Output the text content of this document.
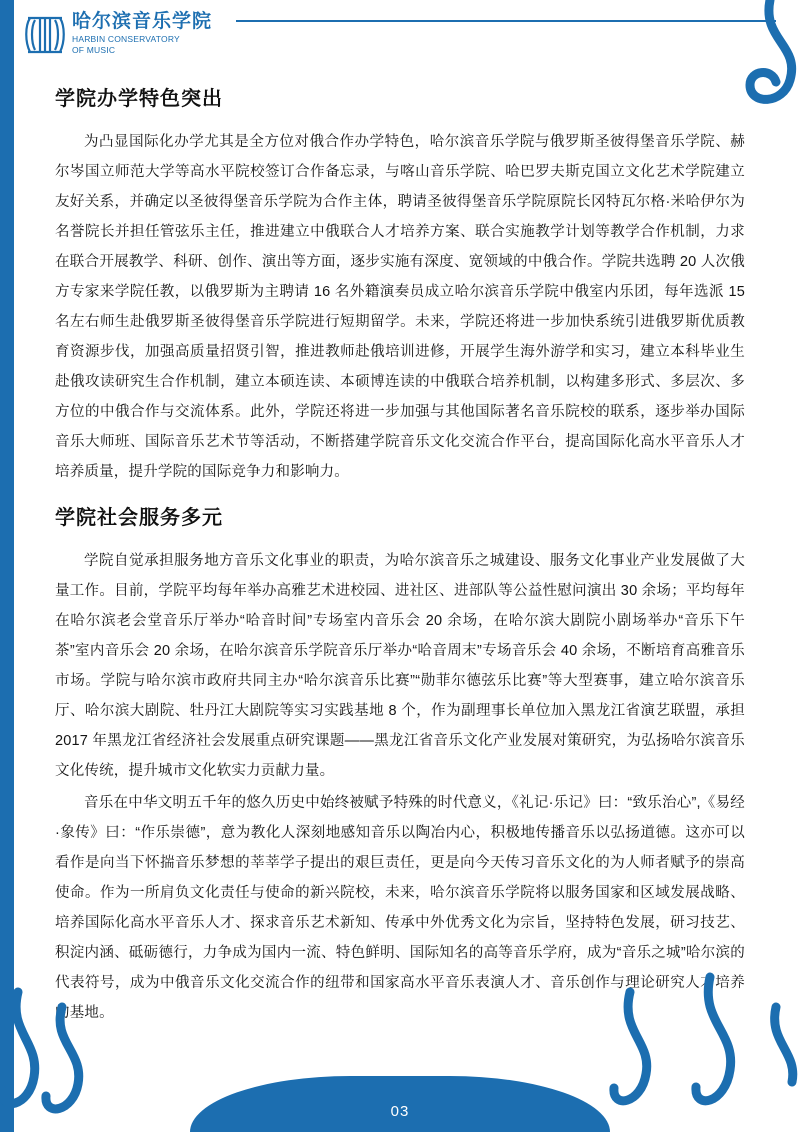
哈尔滨音乐学院
HARBIN CONSERVATORY
OF MUSIC
学院办学特色突出

为凸显国际化办学尤其是全方位对俄合作办学特色，哈尔滨音乐学院与俄罗斯圣彼得堡音乐学院、赫尔岑国立师范大学等高水平院校签订合作备忘录，与喀山音乐学院、哈巴罗夫斯克国立文化艺术学院建立友好关系，并确定以圣彼得堡音乐学院为合作主体，聘请圣彼得堡音乐学院原院长冈特瓦尔格·米哈伊尔为名誉院长并担任管弦乐主任，推进建立中俄联合人才培养方案、联合实施教学计划等教学合作机制，力求在联合开展教学、科研、创作、演出等方面，逐步实施有深度、宽领域的中俄合作。学院共选聘 20 人次俄方专家来学院任教，以俄罗斯为主聘请 16 名外籍演奏员成立哈尔滨音乐学院中俄室内乐团，每年选派 15 名左右师生赴俄罗斯圣彼得堡音乐学院进行短期留学。未来，学院还将进一步加快系统引进俄罗斯优质教育资源步伐，加强高质量招贤引智，推进教师赴俄培训进修，开展学生海外游学和实习，建立本科毕业生赴俄攻读研究生合作机制，建立本硕连读、本硕博连读的中俄联合培养机制，以构建多形式、多层次、多方位的中俄合作与交流体系。此外，学院还将进一步加强与其他国际著名音乐院校的联系，逐步举办国际音乐大师班、国际音乐艺术节等活动，不断搭建学院音乐文化交流合作平台，提高国际化高水平音乐人才培养质量，提升学院的国际竞争力和影响力。

学院社会服务多元

学院自觉承担服务地方音乐文化事业的职责，为哈尔滨音乐之城建设、服务文化事业产业发展做了大量工作。目前，学院平均每年举办高雅艺术进校园、进社区、进部队等公益性慰问演出 30 余场；平均每年在哈尔滨老会堂音乐厅举办“哈音时间”专场室内音乐会 20 余场，在哈尔滨大剧院小剧场举办“音乐下午茶”室内音乐会 20 余场，在哈尔滨音乐学院音乐厅举办“哈音周末”专场音乐会 40 余场，不断培育高雅音乐市场。学院与哈尔滨市政府共同主办“哈尔滨音乐比赛”“勋菲尔德弦乐比赛”等大型赛事，建立哈尔滨音乐厅、哈尔滨大剧院、牡丹江大剧院等实习实践基地 8 个，作为副理事长单位加入黑龙江省演艺联盟，承担 2017 年黑龙江省经济社会发展重点研究课题——黑龙江省音乐文化产业发展对策研究，为弘扬哈尔滨音乐文化传统，提升城市文化软实力贡献力量。

音乐在中华文明五千年的悠久历史中始终被赋予特殊的时代意义，《礼记·乐记》曰：“致乐治心”,《易经·象传》曰：“作乐崇德”，意为教化人深刻地感知音乐以陶冶内心，积极地传播音乐以弘扬道德。这亦可以看作是向当下怀揣音乐梦想的莘莘学子提出的艰巨责任，更是向今天传习音乐文化的为人师者赋予的崇高使命。作为一所肩负文化责任与使命的新兴院校，未来，哈尔滨音乐学院将以服务国家和区域发展战略、培养国际化高水平音乐人才、探求音乐艺术新知、传承中外优秀文化为宗旨，坚持特色发展，研习技艺、积淀内涵、砥砺德行，力争成为国内一流、特色鲜明、国际知名的高等音乐学府，成为“音乐之城”哈尔滨的代表符号，成为中俄音乐文化交流合作的纽带和国家高水平音乐表演人才、音乐创作与理论研究人才培养的基地。

03
